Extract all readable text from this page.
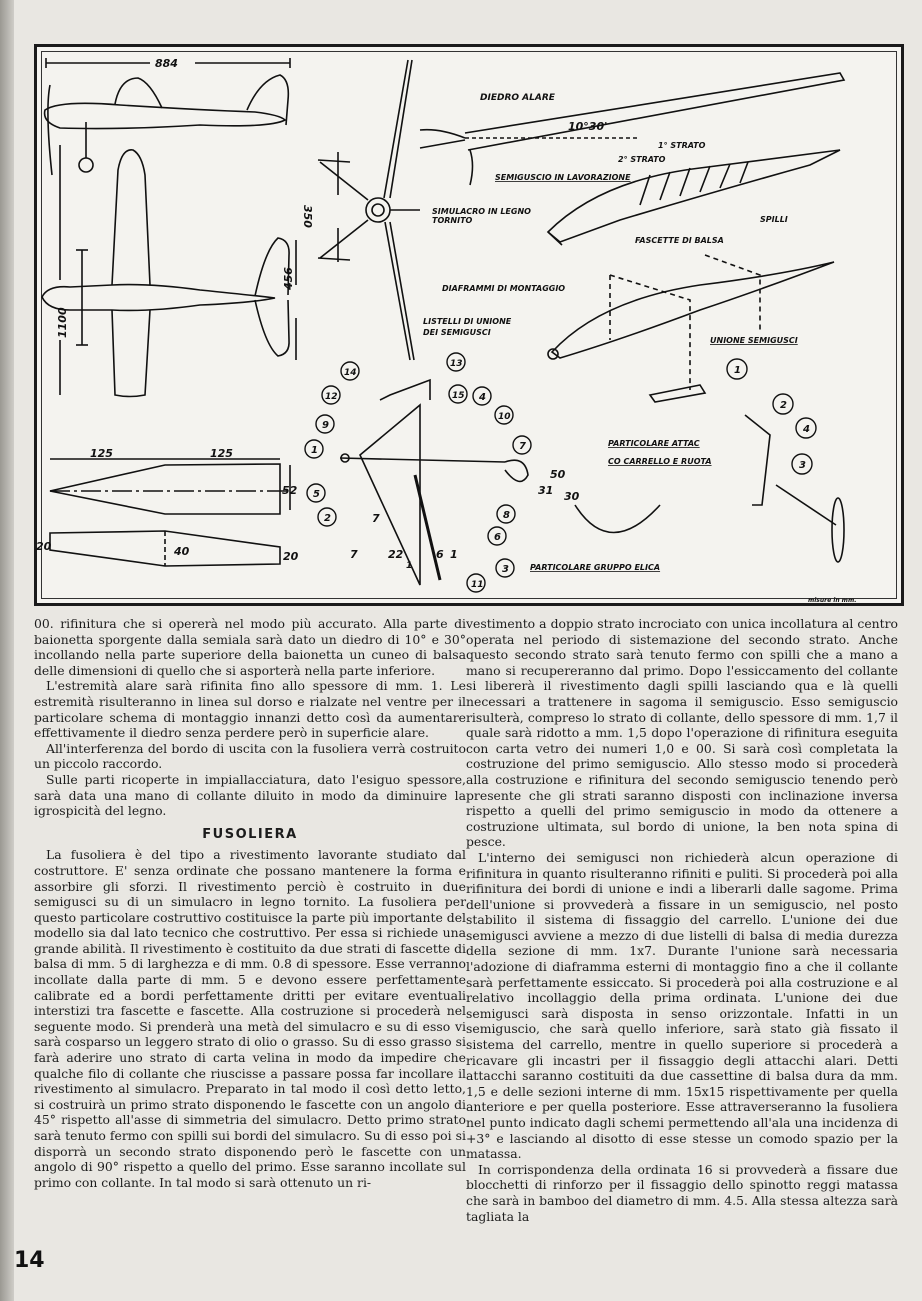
884
350
456
1100
125	125
52
20	40	20
DIEDRO ALARE
10°30'
1° STRATO
2° STRATO
SEMIGUSCIO IN LAVORAZIONE
SIMULACRO IN LEGNO
TORNITO	SPILLI
FASCETTE DI BALSA
DIAFRAMMI DI MONTAGGIO
LISTELLI DI UNIONE
DEI SEMIGUSCI
UNIONE SEMIGUSCI
PARTICOLARE ATTAC
CO CARRELLO E RUOTA
PARTICOLARE GRUPPO ELICA
misure in mm.
7
7	22	6 1
1
50
31 30
1
2
3
4
5
6
7
8
9
10
11
12
13
14
15
1
2
3
4

00. rifinitura che si opererà nel modo più accurato. Alla parte di baionetta sporgente dalla semiala sarà dato un diedro di 10° e 30° incollando nella parte superiore della baionetta un cuneo di balsa delle dimensioni di quello che si asporterà nella parte inferiore.

L'estremità alare sarà rifinita fino allo spessore di mm. 1. Le estremità risulteranno in linea sul dorso e rialzate nel ventre per il particolare schema di montaggio innanzi detto così da aumentare effettivamente il diedro senza perdere però in superficie alare.

All'interferenza del bordo di uscita con la fusoliera verrà costruito un piccolo raccordo.

Sulle parti ricoperte in impiallacciatura, dato l'esiguo spessore, sarà data una mano di collante diluito in modo da diminuire la igrospicità del legno.

FUSOLIERA

La fusoliera è del tipo a rivestimento lavorante studiato dal costruttore. E' senza ordinate che possano mantenere la forma e assorbire gli sforzi. Il rivestimento perciò è costruito in due semigusci su di un simulacro in legno tornito. La fusoliera per questo particolare costruttivo costituisce la parte più importante del modello sia dal lato tecnico che costruttivo. Per essa si richiede una grande abilità. Il rivestimento è costituito da due strati di fascette di balsa di mm. 5 di larghezza e di mm. 0.8 di spessore. Esse verranno incollate dalla parte di mm. 5 e devono essere perfettamente calibrate ed a bordi perfettamente dritti per evitare eventuali interstizi tra fascette e fascette. Alla costruzione si procederà nel seguente modo. Si prenderà una metà del simulacro e su di esso vi sarà cosparso un leggero strato di olio o grasso. Su di esso grasso si farà aderire uno strato di carta velina in modo da impedire che qualche filo di collante che riuscisse a passare possa far incollare il rivestimento al simulacro. Preparato in tal modo il così detto letto, si costruirà un primo strato disponendo le fascette con un angolo di 45° rispetto all'asse di simmetria del simulacro. Detto primo strato sarà tenuto fermo con spilli sui bordi del simulacro. Su di esso poi si disporrà un secondo strato disponendo però le fascette con un angolo di 90° rispetto a quello del primo. Esse saranno incollate sul primo con collante. In tal modo si sarà ottenuto un ri-

vestimento a doppio strato incrociato con unica incollatura al centro operata nel periodo di sistemazione del secondo strato. Anche questo secondo strato sarà tenuto fermo con spilli che a mano a mano si recupereranno dal primo. Dopo l'essiccamento del collante si libererà il rivestimento dagli spilli lasciando qua e là quelli necessari a trattenere in sagoma il semiguscio. Esso semiguscio risulterà, compreso lo strato di collante, dello spessore di mm. 1,7 il quale sarà ridotto a mm. 1,5 dopo l'operazione di rifinitura eseguita con carta vetro dei numeri 1,0 e 00. Si sarà così completata la costruzione del primo semiguscio. Allo stesso modo si procederà alla costruzione e rifinitura del secondo semiguscio tenendo però presente che gli strati saranno disposti con inclinazione inversa rispetto a quelli del primo semiguscio in modo da ottenere a costruzione ultimata, sul bordo di unione, la ben nota spina di pesce.

L'interno dei semigusci non richiederà alcun operazione di rifinitura in quanto risulteranno rifiniti e puliti. Si procederà poi alla rifinitura dei bordi di unione e indi a liberarli dalle sagome. Prima dell'unione si provvederà a fissare in un semiguscio, nel posto stabilito il sistema di fissaggio del carrello. L'unione dei due semigusci avviene a mezzo di due listelli di balsa di media durezza della sezione di mm. 1x7. Durante l'unione sarà necessaria l'adozione di diaframma esterni di montaggio fino a che il collante sarà perfettamente essiccato. Si procederà poi alla costruzione e al relativo incollaggio della prima ordinata. L'unione dei due semigusci sarà disposta in senso orizzontale. Infatti in un semiguscio, che sarà quello inferiore, sarà stato già fissato il sistema del carrello, mentre in quello superiore si procederà a ricavare gli incastri per il fissaggio degli attacchi alari. Detti attacchi saranno costituiti da due cassettine di balsa dura da mm. 1,5 e delle sezioni interne di mm. 15x15 rispettivamente per quella anteriore e per quella posteriore. Esse attraverseranno la fusoliera nel punto indicato dagli schemi permettendo all'ala una incidenza di +3° e lasciando al disotto di esse stesse un comodo spazio per la matassa.

In corrispondenza della ordinata 16 si provvederà a fissare due blocchetti di rinforzo per il fissaggio dello spinotto reggi matassa che sarà in bamboo del diametro di mm. 4.5. Alla stessa altezza sarà tagliata la

14
